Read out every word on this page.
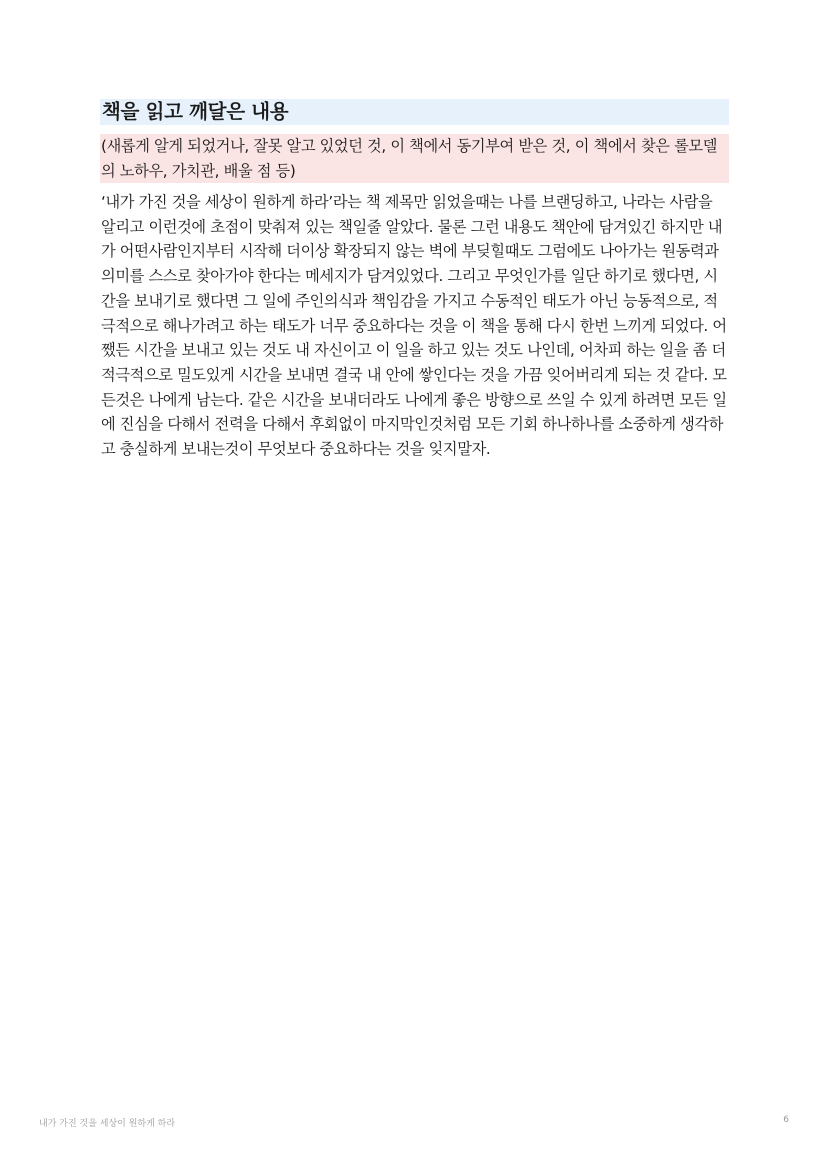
책을 읽고 깨달은 내용
(새롭게 알게 되었거나, 잘못 알고 있었던 것, 이 책에서 동기부여 받은 것, 이 책에서 찾은 롤모델의 노하우, 가치관, 배울 점 등)
‘내가 가진 것을 세상이 원하게 하라’라는 책 제목만 읽었을때는 나를 브랜딩하고, 나라는 사람을 알리고 이런것에 초점이 맞춰져 있는 책일줄 알았다. 물론 그런 내용도 책안에 담겨있긴 하지만 내가 어떤사람인지부터 시작해 더이상 확장되지 않는 벽에 부딪힐때도 그럼에도 나아가는 원동력과 의미를 스스로 찾아가야 한다는 메세지가 담겨있었다. 그리고 무엇인가를 일단 하기로 했다면, 시간을 보내기로 했다면 그 일에 주인의식과 책임감을 가지고 수동적인 태도가 아닌 능동적으로, 적극적으로 해나가려고 하는 태도가 너무 중요하다는 것을 이 책을 통해 다시 한번 느끼게 되었다. 어쨌든 시간을 보내고 있는 것도 내 자신이고 이 일을 하고 있는 것도 나인데, 어차피 하는 일을 좀 더 적극적으로 밀도있게 시간을 보내면 결국 내 안에 쌓인다는 것을 가끔 잊어버리게 되는 것 같다. 모든것은 나에게 남는다. 같은 시간을 보내더라도 나에게 좋은 방향으로 쓰일 수 있게 하려면 모든 일에 진심을 다해서 전력을 다해서 후회없이 마지막인것처럼 모든 기회 하나하나를 소중하게 생각하고 충실하게 보내는것이 무엇보다 중요하다는 것을 잊지말자.
내가 가진 것을 세상이 원하게 하라	6
